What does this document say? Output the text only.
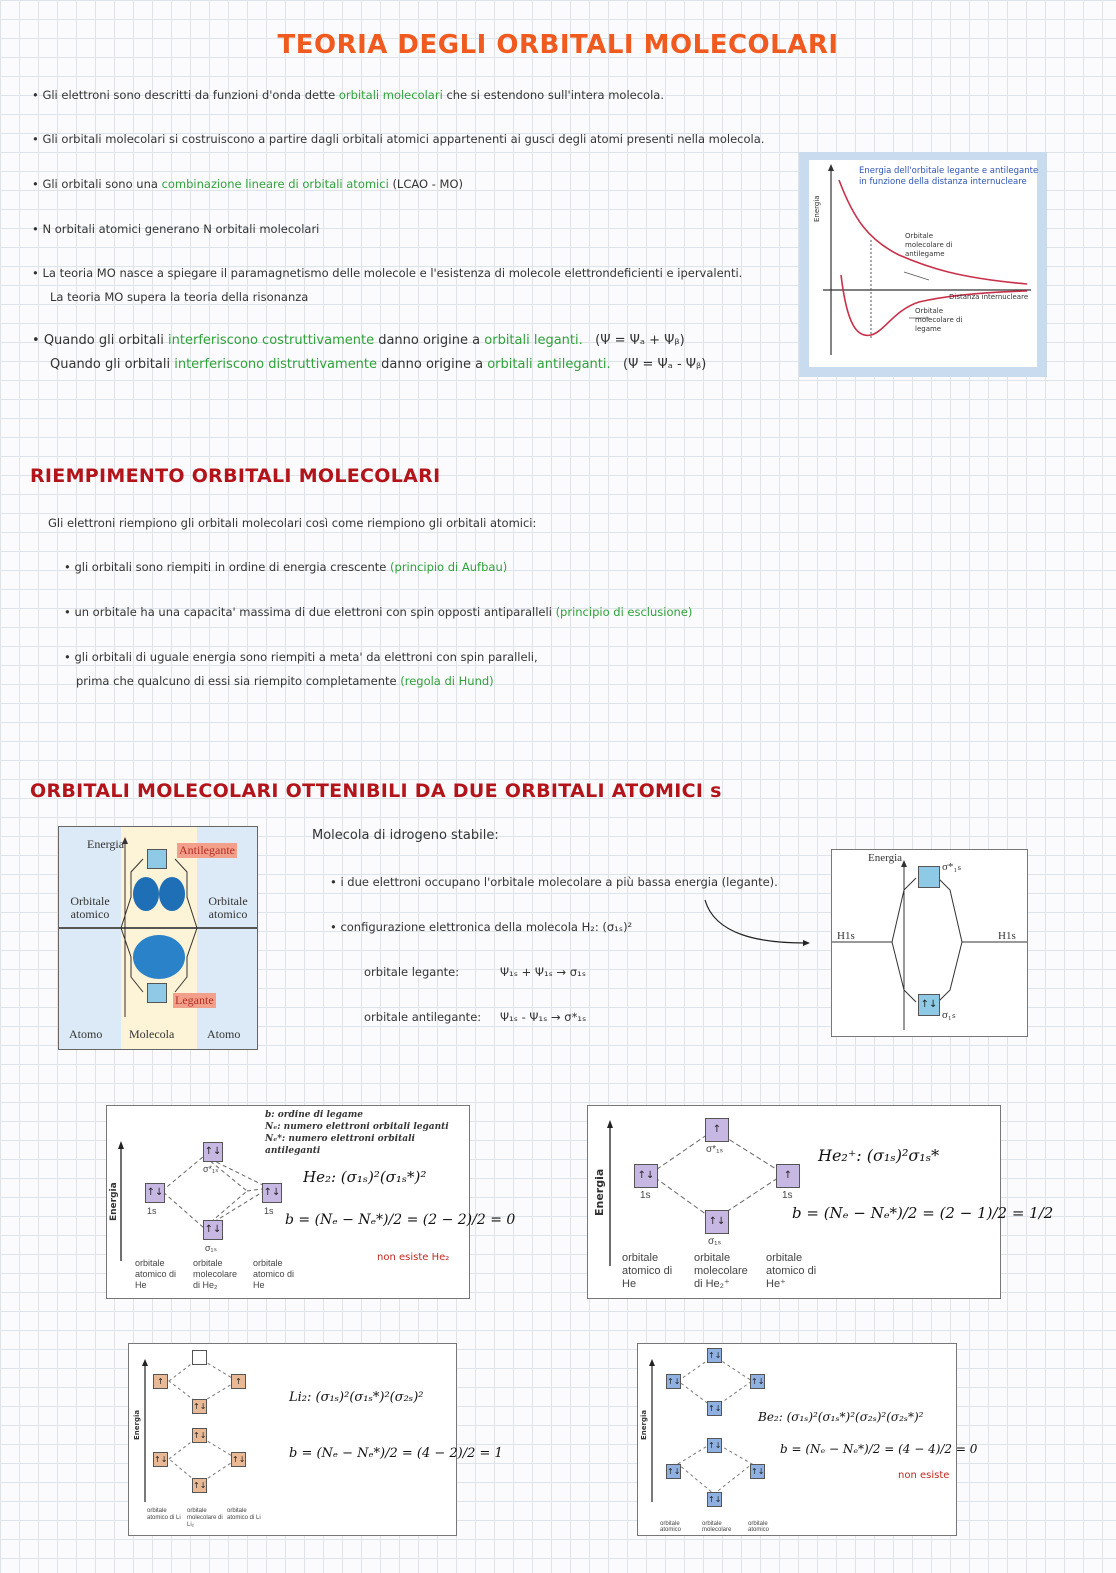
TEORIA DEGLI ORBITALI MOLECOLARI
• Gli elettroni sono descritti da funzioni d'onda dette orbitali molecolari che si estendono sull'intera molecola.
• Gli orbitali molecolari si costruiscono a partire dagli orbitali atomici appartenenti ai gusci degli atomi presenti nella molecola.
• Gli orbitali sono una combinazione lineare di orbitali atomici (LCAO - MO)
• N orbitali atomici generano N orbitali molecolari
• La teoria MO nasce a spiegare il paramagnetismo delle molecole e l'esistenza di molecole elettrondeficienti e ipervalenti.
La teoria MO supera la teoria della risonanza
• Quando gli orbitali interferiscono costruttivamente danno origine a orbitali leganti. (Ψ = Ψₐ + Ψᵦ)
Quando gli orbitali interferiscono distruttivamente danno origine a orbitali antileganti. (Ψ = Ψₐ - Ψᵦ)
Energia dell'orbitale legante e antilegante in funzione della distanza internucleare
Energia
Distanza internucleare
Orbitale molecolare di antilegame
Orbitale molecolare di legame
RIEMPIMENTO ORBITALI MOLECOLARI
Gli elettroni riempiono gli orbitali molecolari così come riempiono gli orbitali atomici:
• gli orbitali sono riempiti in ordine di energia crescente (principio di Aufbau)
• un orbitale ha una capacita' massima di due elettroni con spin opposti antiparalleli (principio di esclusione)
• gli orbitali di uguale energia sono riempiti a meta' da elettroni con spin paralleli,
prima che qualcuno di essi sia riempito completamente (regola di Hund)
ORBITALI MOLECOLARI OTTENIBILI DA DUE ORBITALI ATOMICI s
Energia	Antilegante
Legante
Orbitale atomico
Orbitale atomico
Atomo Molecola	Atomo
Molecola di idrogeno stabile:
• i due elettroni occupano l'orbitale molecolare a più bassa energia (legante).
• configurazione elettronica della molecola H₂: (σ₁ₛ)²
orbitale legante:	Ψ₁ₛ + Ψ₁ₛ → σ₁ₛ
orbitale antilegante: Ψ₁ₛ - Ψ₁ₛ → σ*₁ₛ
↑↓
Energia
σ*₁ₛ
σ₁ₛ
H1s	H1s
b: ordine di legame
Nₑ: numero elettroni orbitali leganti
Nₑ*: numero elettroni orbitali antileganti
↑↓
↑↓
↑↓
↑↓
1s	1s
σ*₁ₛ
σ₁ₛ
Energia
orbitale atomico di He
orbitale molecolare di He₂
orbitale atomico di He
He₂: (σ₁ₛ)²(σ₁ₛ*)²
b = (Nₑ − Nₑ*)/2 = (2 − 2)/2 = 0
non esiste He₂
↑↓
↑
↑↓
↑
1s	1s
σ*₁ₛ
σ₁ₛ
Energia
orbitale atomico di He
orbitale molecolare di He₂⁺
orbitale atomico di He⁺
He₂⁺: (σ₁ₛ)²σ₁ₛ*
b = (Nₑ − Nₑ*)/2 = (2 − 1)/2 = 1/2
↑	↑
↑↓
↑↓
↑↓	↑↓
↑↓
Energia
orbitale atomico di Li
orbitale molecolare di Li₂
orbitale atomico di Li
Li₂: (σ₁ₛ)²(σ₁ₛ*)²(σ₂ₛ)²
b = (Nₑ − Nₑ*)/2 = (4 − 2)/2 = 1
↑↓
↑↓	↑↓
↑↓
↑↓
↑↓	↑↓
↑↓
Energia
orbitale atomico
orbitale molecolare
orbitale atomico
Be₂: (σ₁ₛ)²(σ₁ₛ*)²(σ₂ₛ)²(σ₂ₛ*)²
b = (Nₑ − Nₑ*)/2 = (4 − 4)/2 = 0
non esiste
